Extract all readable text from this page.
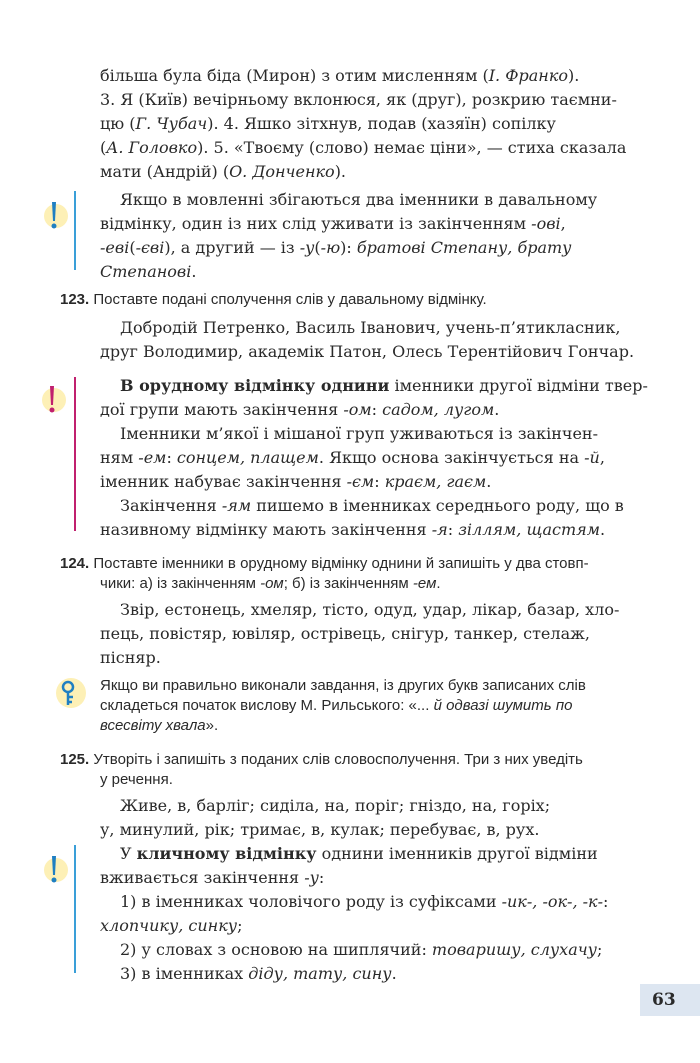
більша була біда (Мирон) з отим мисленням (І. Франко).
3. Я (Київ) вечірньому вклонюся, як (друг), розкрию таємни-
цю (Г. Чубач). 4. Яшко зітхнув, подав (хазяїн) сопілку
(А. Головко). 5. «Твоєму (слово) немає ціни», — стиха сказала
мати (Андрій) (О. Донченко).
Якщо в мовленні збігаються два іменники в давальному
відмінку, один із них слід уживати із закінченням -ові,
-еві(-єві), а другий — із -у(-ю): братові Степану, брату
Степанові.
123. Поставте подані сполучення слів у давальному відмінку.
Добродій Петренко, Василь Іванович, учень-п’ятикласник,
друг Володимир, академік Патон, Олесь Терентійович Гончар.
В орудному відмінку однини іменники другої відміни твер-
дої групи мають закінчення -ом: садом, лугом.
Іменники м’якої і мішаної груп уживаються із закінчен-
ням -ем: сонцем, плащем. Якщо основа закінчується на -й,
іменник набуває закінчення -єм: краєм, гаєм.
Закінчення -ям пишемо в іменниках середнього роду, що в
називному відмінку мають закінчення -я: зіллям, щастям.
124. Поставте іменники в орудному відмінку однини й запишіть у два стовп-
чики: а) із закінченням -ом; б) із закінченням -ем.
Звір, естонець, хмеляр, тісто, одуд, удар, лікар, базар, хло-
пець, повістяр, ювіляр, острівець, снігур, танкер, стелаж,
пісняр.
Якщо ви правильно виконали завдання, із других букв записаних слів
складеться початок вислову М. Рильського: «... й одвазі шумить по
всесвіту хвала».
125. Утворіть і запишіть з поданих слів словосполучення. Три з них уведіть
у речення.
Живе, в, барліг; сиділа, на, поріг; гніздо, на, горіх;
у, минулий, рік; тримає, в, кулак; перебуває, в, рух.
У кличному відмінку однини іменників другої відміни
вживається закінчення -у:
1) в іменниках чоловічого роду із суфіксами -ик-, -ок-, -к-:
хлопчику, синку;
2) у словах з основою на шиплячий: товаришу, слухачу;
3) в іменниках діду, тату, сину.
63
